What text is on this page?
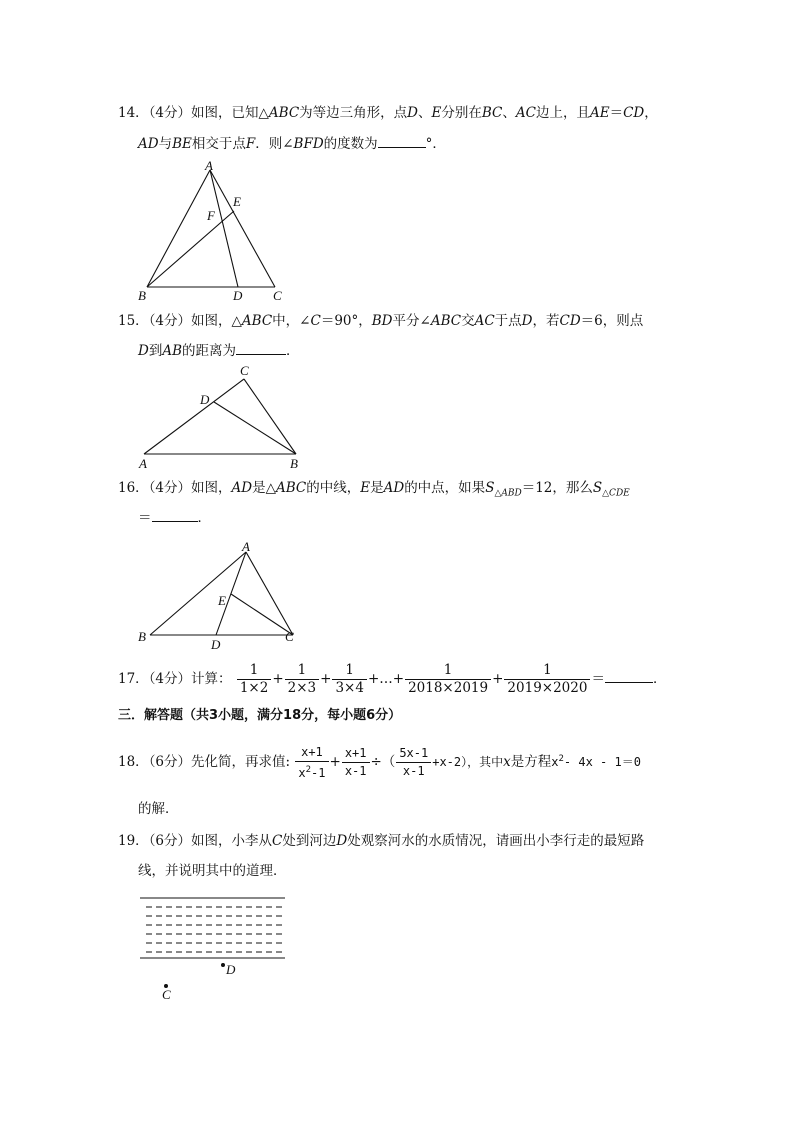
14．（4分）如图，已知△ABC为等边三角形，点D、E分别在BC、AC边上，且AE＝CD，
AD与BE相交于点F．则∠BFD的度数为	°．
A
B	C
D
E
F
15．（4分）如图，△ABC中，∠C＝90°，BD平分∠ABC交AC于点D，若CD＝6，则点
D到AB的距离为	．
C
D
A	B
16．（4分）如图，AD是△ABC的中线，E是AD的中点，如果$S_{\triangle ABD}=12$，那么$S_{\triangle CDE}$
＝	．
A
E
B
D
C
17．（4分）计算： $\frac{1}{1\times 2} + \frac{1}{2\times 3} + \frac{1}{3\times 4}$ +…+ $\frac{1}{2018\times 2019} + \frac{1}{2019\times 2020}$ ＝	．
三．解答题（共3小题，满分18分，每小题6分）
18．（6分）先化简，再求值: $\frac{x+1}{x^2-1} + \frac{x+1}{x-1}$ ÷（ $\frac{5x-1}{x-1} +x-2$），其中x是方程$x^2-$ 4x - 1＝0
的解．
19．（6分）如图，小李从C处到河边D处观察河水的水质情况，请画出小李行走的最短路
线，并说明其中的道理．
D
C
